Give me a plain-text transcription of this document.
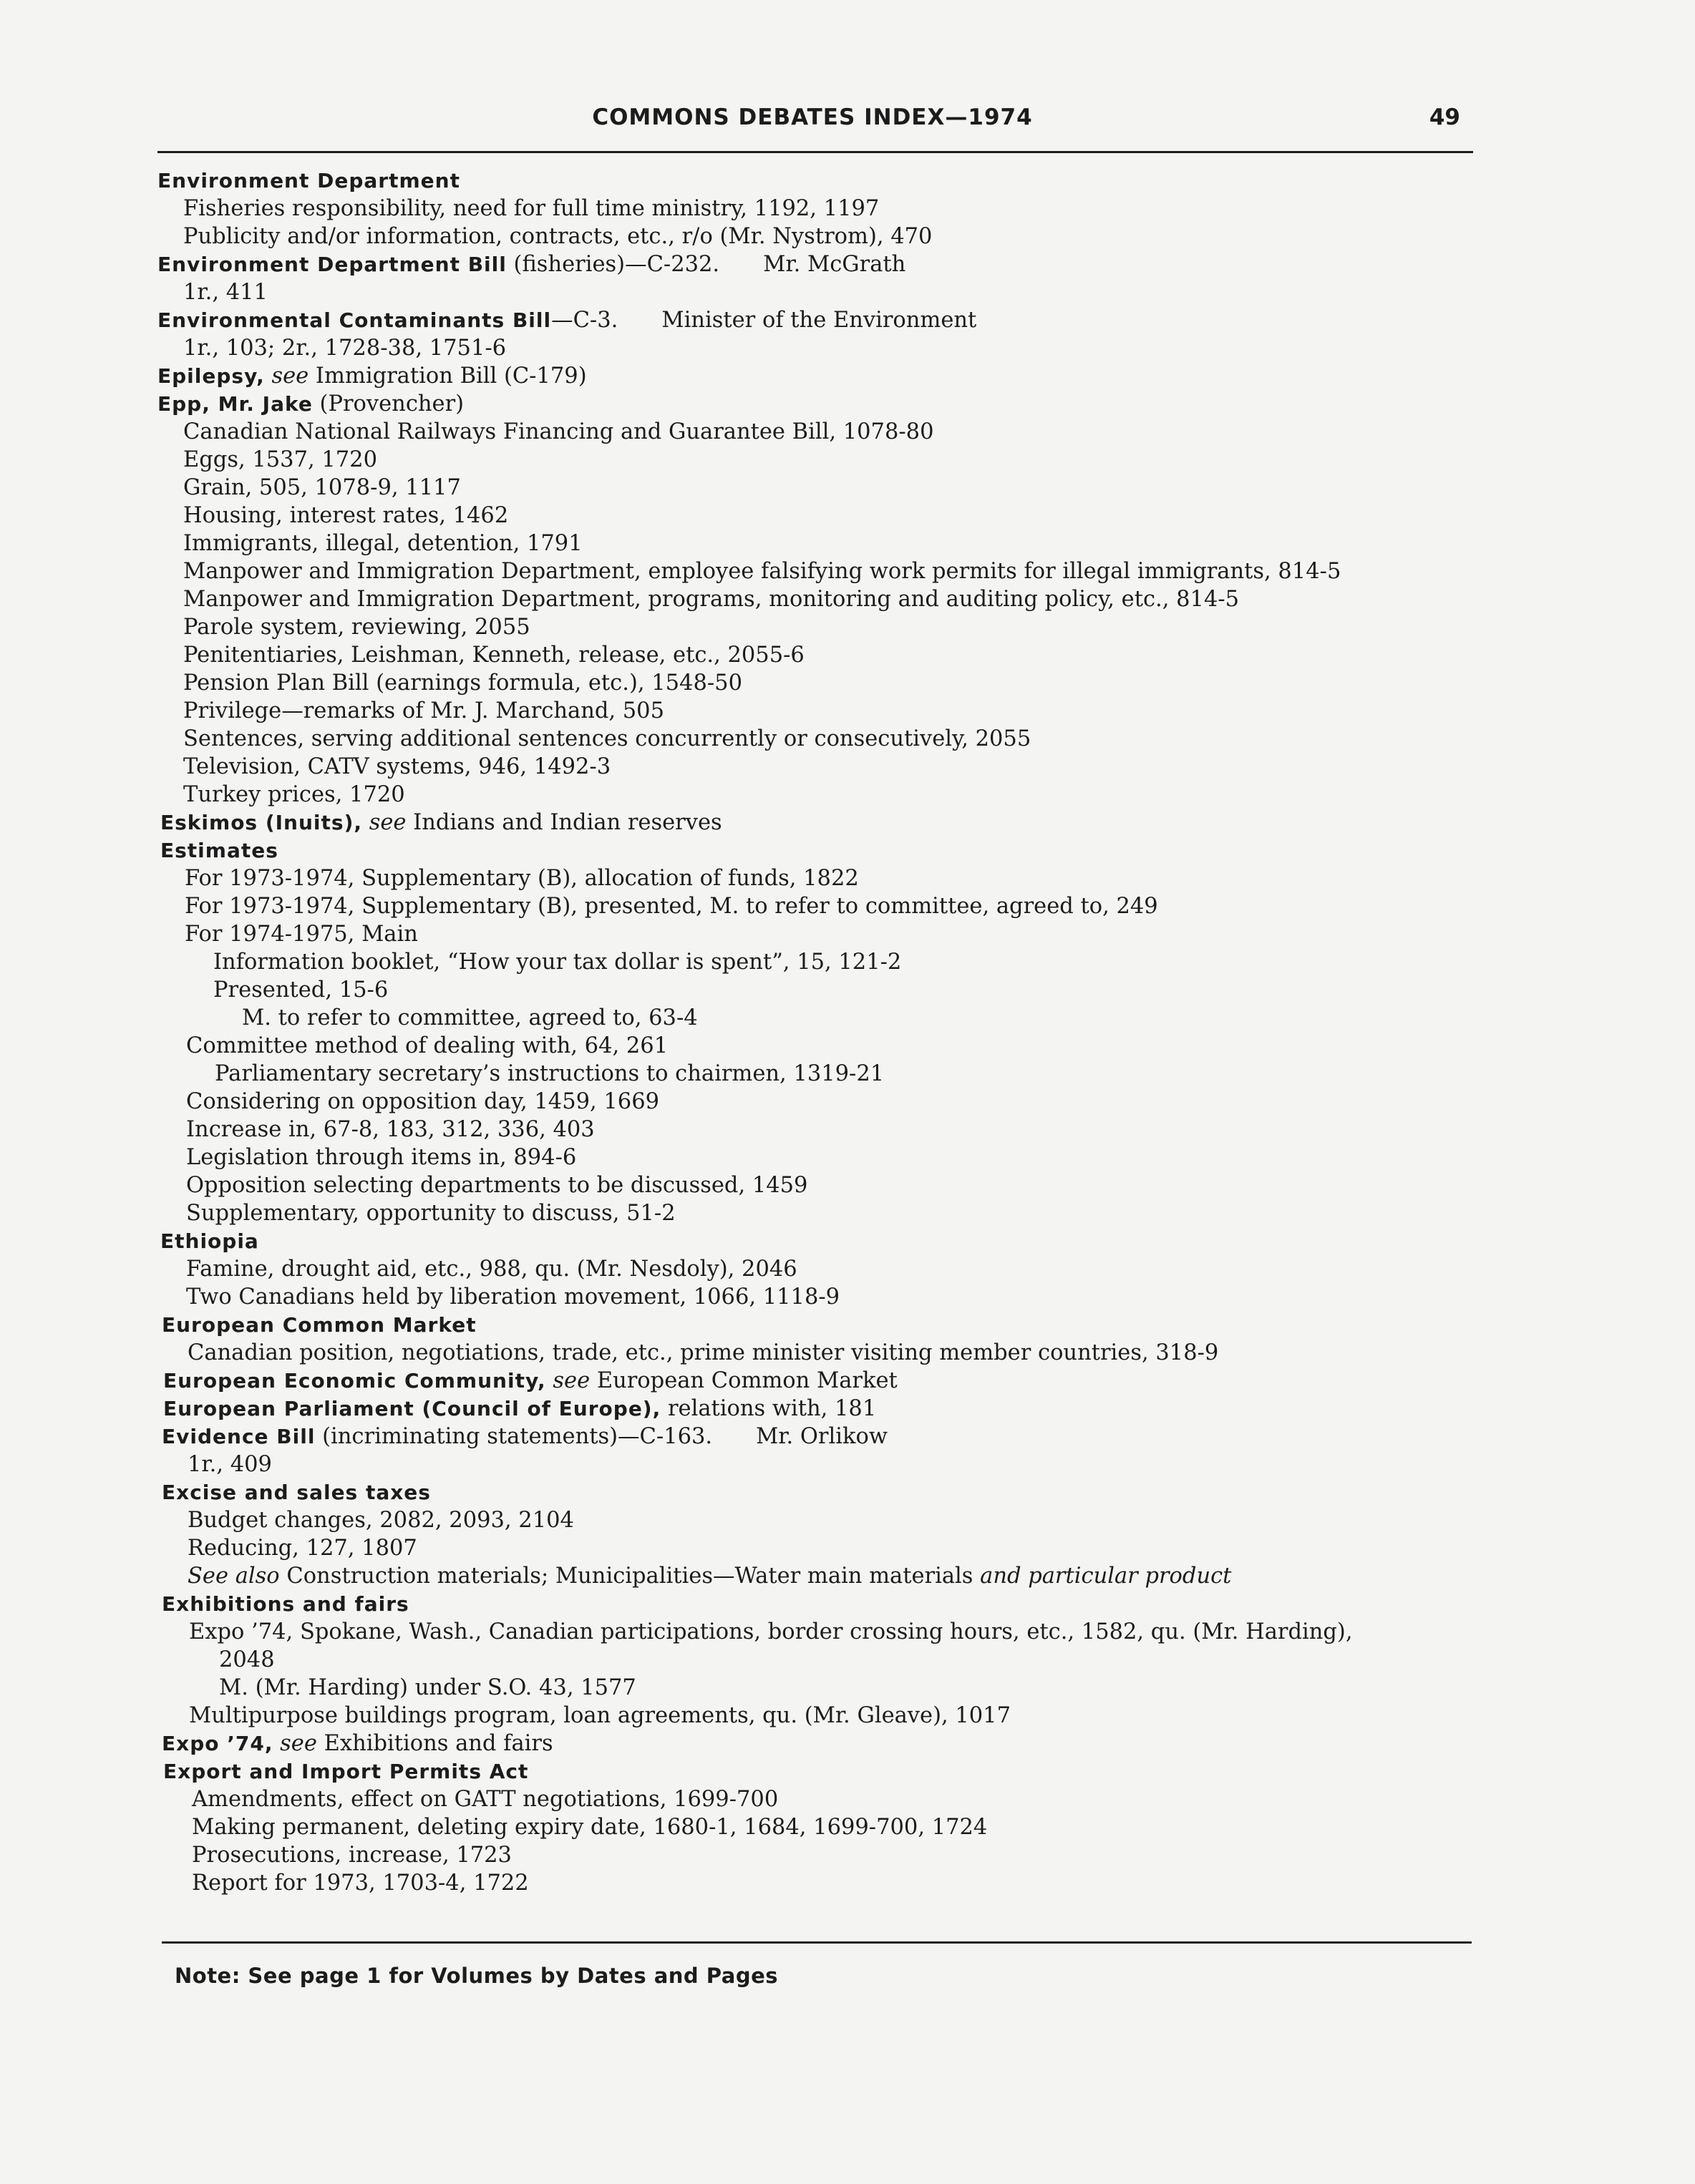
COMMONS DEBATES INDEX—1974	49
Environment Department
Fisheries responsibility, need for full time ministry, 1192, 1197
Publicity and/or information, contracts, etc., r/o (Mr. Nystrom), 470
Environment Department Bill (fisheries)—C-232.  Mr. McGrath
1r., 411
Environmental Contaminants Bill—C-3.  Minister of the Environment
1r., 103; 2r., 1728-38, 1751-6
Epilepsy, see Immigration Bill (C-179)
Epp, Mr. Jake (Provencher)
Canadian National Railways Financing and Guarantee Bill, 1078-80
Eggs, 1537, 1720
Grain, 505, 1078-9, 1117
Housing, interest rates, 1462
Immigrants, illegal, detention, 1791
Manpower and Immigration Department, employee falsifying work permits for illegal immigrants, 814-5
Manpower and Immigration Department, programs, monitoring and auditing policy, etc., 814-5
Parole system, reviewing, 2055
Penitentiaries, Leishman, Kenneth, release, etc., 2055-6
Pension Plan Bill (earnings formula, etc.), 1548-50
Privilege—remarks of Mr. J. Marchand, 505
Sentences, serving additional sentences concurrently or consecutively, 2055
Television, CATV systems, 946, 1492-3
Turkey prices, 1720
Eskimos (Inuits), see Indians and Indian reserves
Estimates
For 1973-1974, Supplementary (B), allocation of funds, 1822
For 1973-1974, Supplementary (B), presented, M. to refer to committee, agreed to, 249
For 1974-1975, Main
Information booklet, “How your tax dollar is spent”, 15, 121-2
Presented, 15-6
M. to refer to committee, agreed to, 63-4
Committee method of dealing with, 64, 261
Parliamentary secretary’s instructions to chairmen, 1319-21
Considering on opposition day, 1459, 1669
Increase in, 67-8, 183, 312, 336, 403
Legislation through items in, 894-6
Opposition selecting departments to be discussed, 1459
Supplementary, opportunity to discuss, 51-2
Ethiopia
Famine, drought aid, etc., 988, qu. (Mr. Nesdoly), 2046
Two Canadians held by liberation movement, 1066, 1118-9
European Common Market
Canadian position, negotiations, trade, etc., prime minister visiting member countries, 318-9
European Economic Community, see European Common Market
European Parliament (Council of Europe), relations with, 181
Evidence Bill (incriminating statements)—C-163.  Mr. Orlikow
1r., 409
Excise and sales taxes
Budget changes, 2082, 2093, 2104
Reducing, 127, 1807
See also Construction materials; Municipalities—Water main materials and particular product
Exhibitions and fairs
Expo ’74, Spokane, Wash., Canadian participations, border crossing hours, etc., 1582, qu. (Mr. Harding),
2048
M. (Mr. Harding) under S.O. 43, 1577
Multipurpose buildings program, loan agreements, qu. (Mr. Gleave), 1017
Expo ’74, see Exhibitions and fairs
Export and Import Permits Act
Amendments, effect on GATT negotiations, 1699-700
Making permanent, deleting expiry date, 1680-1, 1684, 1699-700, 1724
Prosecutions, increase, 1723
Report for 1973, 1703-4, 1722
Note: See page 1 for Volumes by Dates and Pages
